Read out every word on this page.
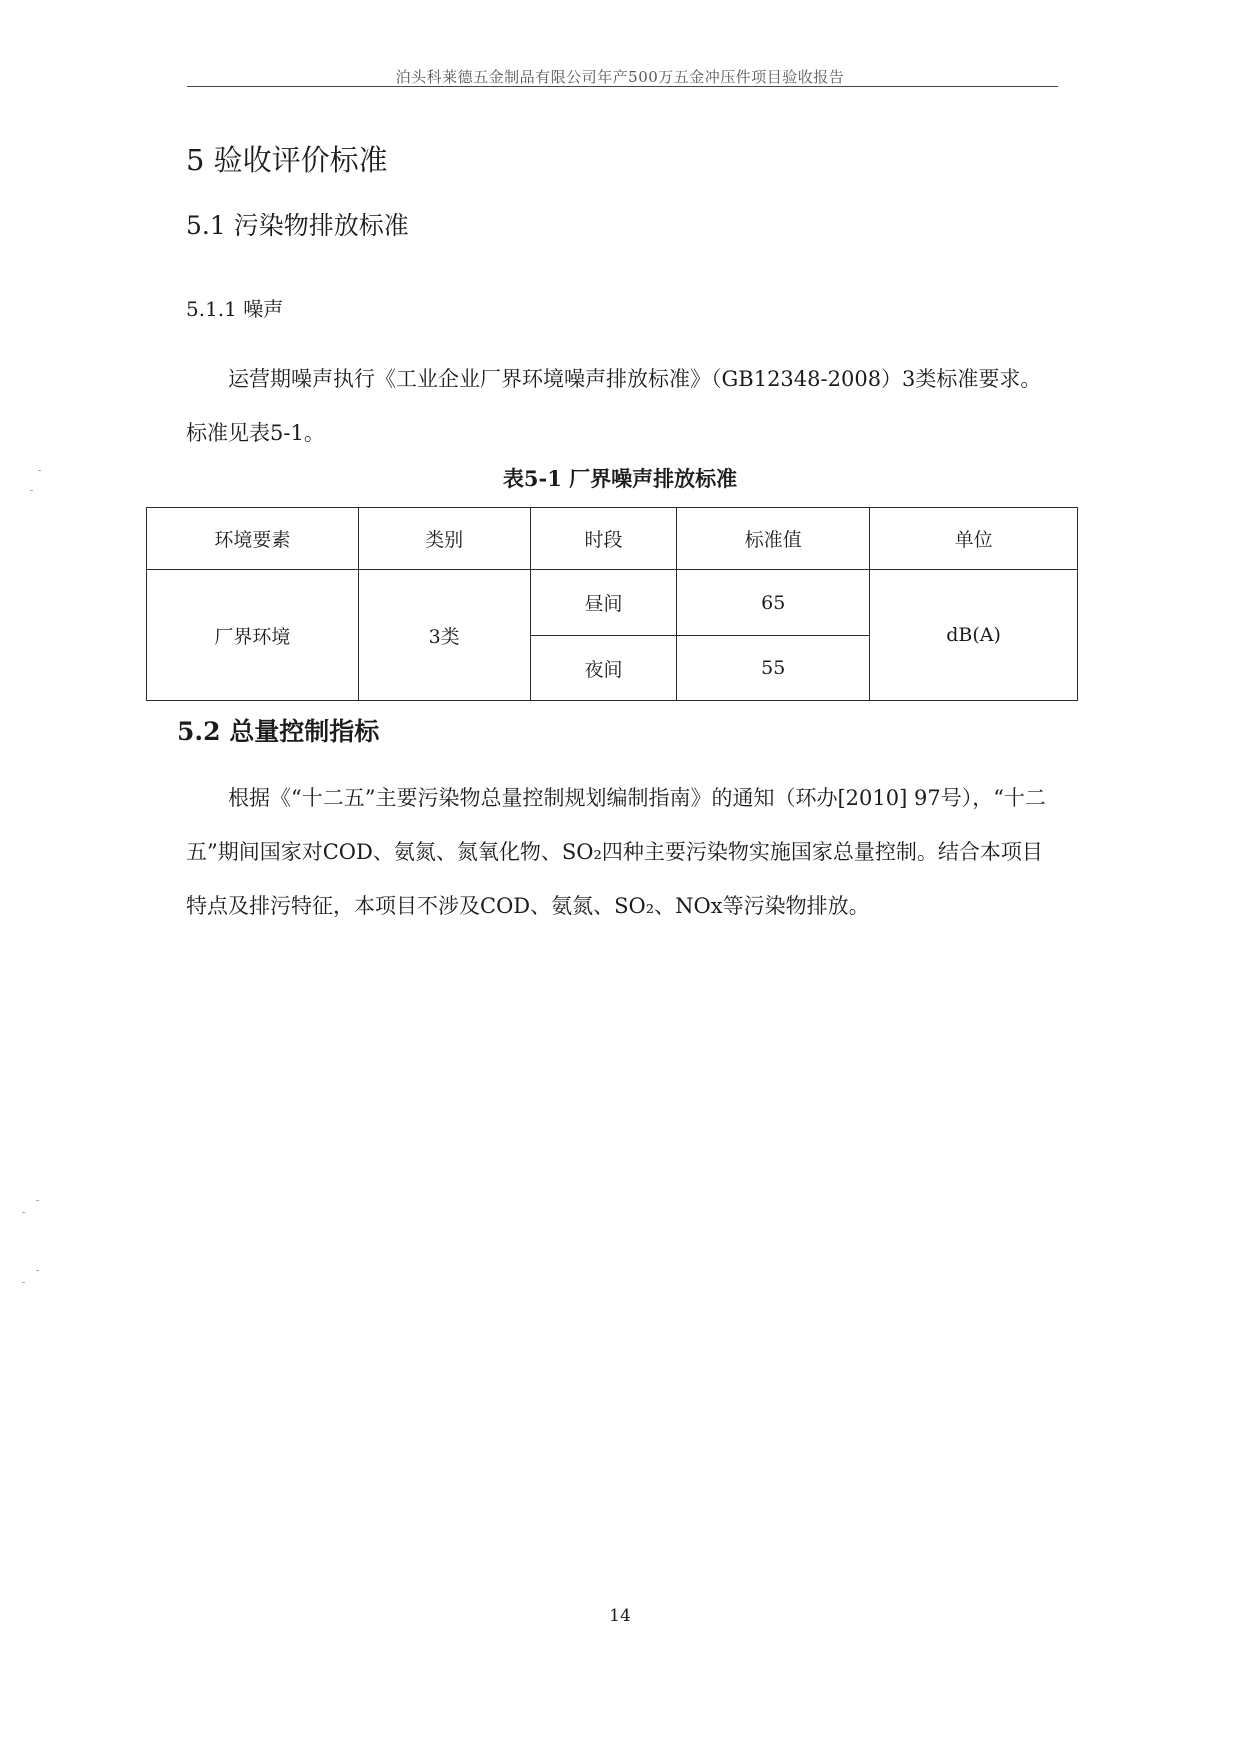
泊头科莱德五金制品有限公司年产500万五金冲压件项目验收报告
5 验收评价标准
5.1 污染物排放标准
5.1.1 噪声
运营期噪声执行《工业企业厂界环境噪声排放标准》（GB12348-2008）3类标准要求。标准见表5-1。
表5-1 厂界噪声排放标准
环境要素	类别	时段	标准值	单位
厂界环境	3类	昼间	65	dB(A)
		夜间	55	
5.2 总量控制指标
根据《“十二五”主要污染物总量控制规划编制指南》的通知（环办[2010] 97号），“十二五”期间国家对COD、氨氮、氮氧化物、SO₂四种主要污染物实施国家总量控制。结合本项目特点及排污特征，本项目不涉及COD、氨氮、SO₂、NOx等污染物排放。
14
